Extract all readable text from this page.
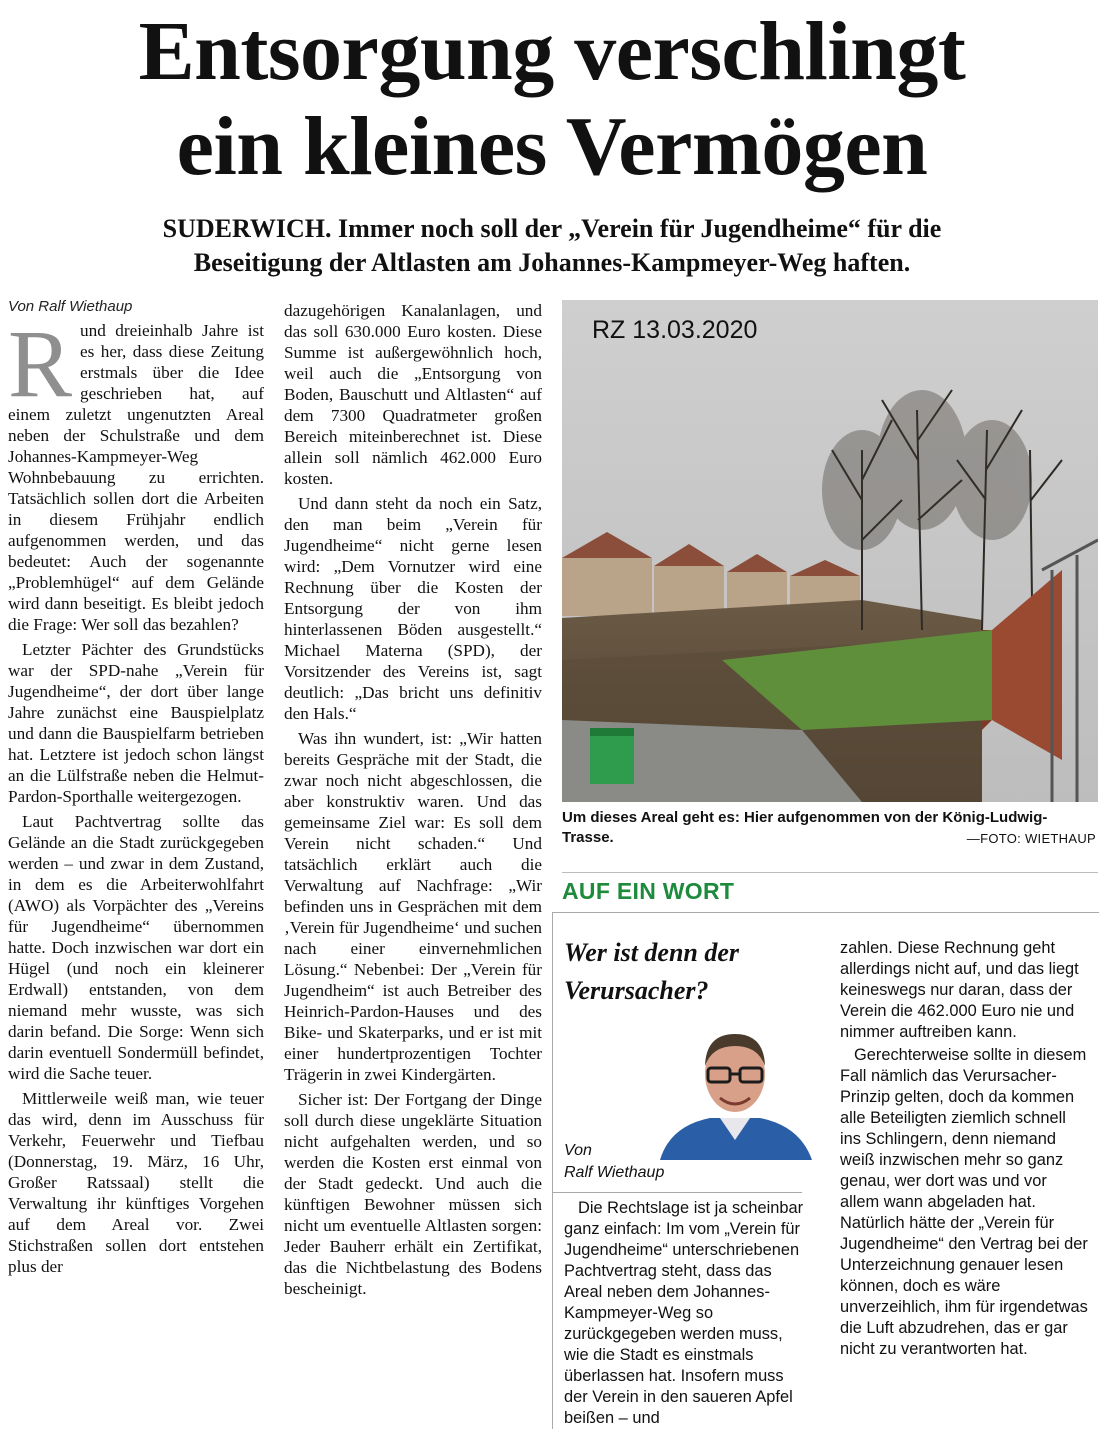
Entsorgung verschlingt
ein kleines Vermögen
SUDERWICH. Immer noch soll der „Verein für Jugendheime“ für die
Beseitigung der Altlasten am Johannes-Kampmeyer-Weg haften.

Von Ralf Wiethaup

Rund dreieinhalb Jahre ist es her, dass diese Zeitung erstmals über die Idee geschrieben hat, auf einem zuletzt ungenutzten Areal neben der Schulstraße und dem Johannes-Kampmeyer-Weg Wohnbebauung zu errichten. Tatsächlich sollen dort die Arbeiten in diesem Frühjahr endlich aufgenommen werden, und das bedeutet: Auch der sogenannte „Problemhügel“ auf dem Gelände wird dann beseitigt. Es bleibt jedoch die Frage: Wer soll das bezahlen?

Letzter Pächter des Grundstücks war der SPD-nahe „Verein für Jugendheime“, der dort über lange Jahre zunächst eine Bauspielplatz und dann die Bauspielfarm betrieben hat. Letztere ist jedoch schon längst an die Lülfstraße neben die Helmut-Pardon-Sporthalle weitergezogen.

Laut Pachtvertrag sollte das Gelände an die Stadt zurückgegeben werden – und zwar in dem Zustand, in dem es die Arbeiterwohlfahrt (AWO) als Vorpächter des „Vereins für Jugendheime“ übernommen hatte. Doch inzwischen war dort ein Hügel (und noch ein kleinerer Erdwall) entstanden, von dem niemand mehr wusste, was sich darin befand. Die Sorge: Wenn sich darin eventuell Sondermüll befindet, wird die Sache teuer.

Mittlerweile weiß man, wie teuer das wird, denn im Ausschuss für Verkehr, Feuerwehr und Tiefbau (Donnerstag, 19. März, 16 Uhr, Großer Ratssaal) stellt die Verwaltung ihr künftiges Vorgehen auf dem Areal vor. Zwei Stichstraßen sollen dort entstehen plus der

dazugehörigen Kanalanlagen, und das soll 630.000 Euro kosten. Diese Summe ist außergewöhnlich hoch, weil auch die „Entsorgung von Boden, Bauschutt und Altlasten“ auf dem 7300 Quadratmeter großen Bereich miteinberechnet ist. Diese allein soll nämlich 462.000 Euro kosten.

Und dann steht da noch ein Satz, den man beim „Verein für Jugendheime“ nicht gerne lesen wird: „Dem Vornutzer wird eine Rechnung über die Kosten der Entsorgung der von ihm hinterlassenen Böden ausgestellt.“ Michael Materna (SPD), der Vorsitzender des Vereins ist, sagt deutlich: „Das bricht uns definitiv den Hals.“

Was ihn wundert, ist: „Wir hatten bereits Gespräche mit der Stadt, die zwar noch nicht abgeschlossen, die aber konstruktiv waren. Und das gemeinsame Ziel war: Es soll dem Verein nicht schaden.“ Und tatsächlich erklärt auch die Verwaltung auf Nachfrage: „Wir befinden uns in Gesprächen mit dem ‚Verein für Jugendheime‘ und suchen nach einer einvernehmlichen Lösung.“ Nebenbei: Der „Verein für Jugendheim“ ist auch Betreiber des Heinrich-Pardon-Hauses und des Bike- und Skaterparks, und er ist mit einer hundertprozentigen Tochter Trägerin in zwei Kindergärten.

Sicher ist: Der Fortgang der Dinge soll durch diese ungeklärte Situation nicht aufgehalten werden, und so werden die Kosten erst einmal von der Stadt gedeckt. Und auch die künftigen Bewohner müssen sich nicht um eventuelle Altlasten sorgen: Jeder Bauherr erhält ein Zertifikat, das die Nichtbelastung des Bodens bescheinigt.

RZ 13.03.2020

Um dieses Areal geht es: Hier aufgenommen von der König-Ludwig-Trasse.	—FOTO: WIETHAUP

AUF EIN WORT

Wer ist denn der Verursacher?

Von
Ralf Wiethaup

Die Rechtslage ist ja scheinbar ganz einfach: Im vom „Verein für Jugendheime“ unterschriebenen Pachtvertrag steht, dass das Areal neben dem Johannes-Kampmeyer-Weg so zurückgegeben werden muss, wie die Stadt es einstmals überlassen hat. Insofern muss der Verein in den saueren Apfel beißen – und

zahlen. Diese Rechnung geht allerdings nicht auf, und das liegt keineswegs nur daran, dass der Verein die 462.000 Euro nie und nimmer auftreiben kann.

Gerechterweise sollte in diesem Fall nämlich das Verursacher-Prinzip gelten, doch da kommen alle Beteiligten ziemlich schnell ins Schlingern, denn niemand weiß inzwischen mehr so ganz genau, wer dort was und vor allem wann abgeladen hat. Natürlich hätte der „Verein für Jugendheime“ den Vertrag bei der Unterzeichnung genauer lesen können, doch es wäre unverzeihlich, ihm für irgendetwas die Luft abzudrehen, das er gar nicht zu verantworten hat.
